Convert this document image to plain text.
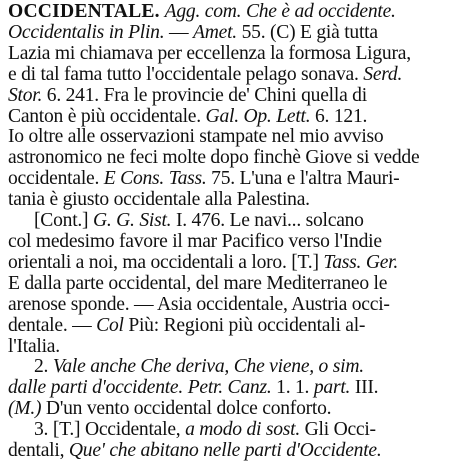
OCCIDENTALE. Agg. com. Che è ad occidente.
Occidentalis in Plin. — Amet. 55. (C) E già tutta
Lazia mi chiamava per eccellenza la formosa Ligura,
e di tal fama tutto l'occidentale pelago sonava. Serd.
Stor. 6. 241. Fra le provincie de' Chini quella di
Canton è più occidentale. Gal. Op. Lett. 6. 121.
Io oltre alle osservazioni stampate nel mio avviso
astronomico ne feci molte dopo finchè Giove si vedde
occidentale. E Cons. Tass. 75. L'una e l'altra Mauri-
tania è giusto occidentale alla Palestina.
[Cont.] G. G. Sist. I. 476. Le navi... solcano
col medesimo favore il mar Pacifico verso l'Indie
orientali a noi, ma occidentali a loro. [T.] Tass. Ger.
E dalla parte occidental, del mare Mediterraneo le
arenose sponde. — Asia occidentale, Austria occi-
dentale. — Col Più: Regioni più occidentali al-
l'Italia.
2. Vale anche Che deriva, Che viene, o sim.
dalle parti d'occidente. Petr. Canz. 1. 1. part. III.
(M.) D'un vento occidental dolce conforto.
3. [T.] Occidentale, a modo di sost. Gli Occi-
dentali, Que' che abitano nelle parti d'Occidente.
